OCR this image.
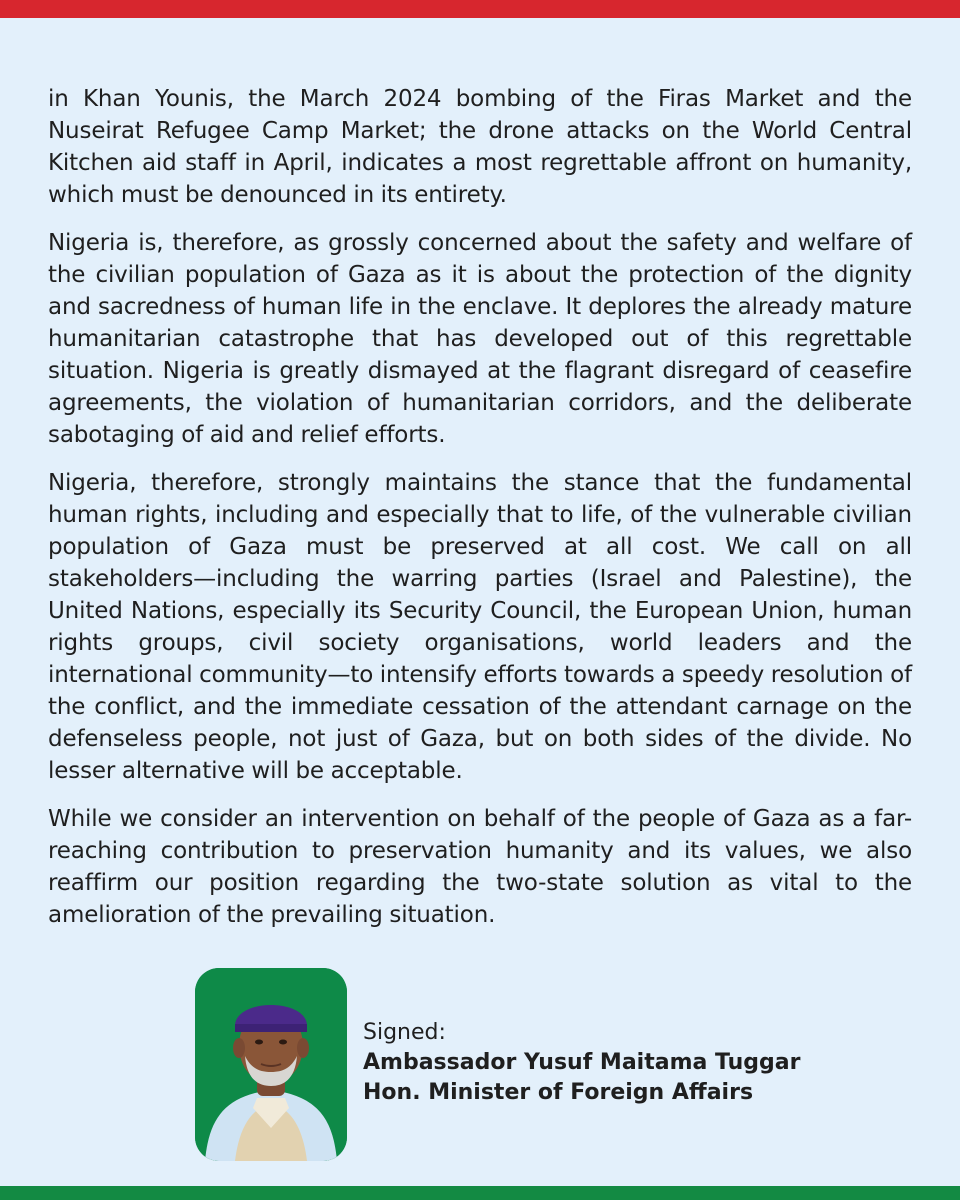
in Khan Younis, the March 2024 bombing of the Firas Market and the Nuseirat Refugee Camp Market; the drone attacks on the World Central Kitchen aid staff in April, indicates a most regrettable affront on humanity, which must be denounced in its entirety.

Nigeria is, therefore, as grossly concerned about the safety and welfare of the civilian population of Gaza as it is about the protection of the dignity and sacredness of human life in the enclave. It deplores the already mature humanitarian catastrophe that has developed out of this regrettable situation. Nigeria is greatly dismayed at the flagrant disregard of ceasefire agreements, the violation of humanitarian corridors, and the deliberate sabotaging of aid and relief efforts.

Nigeria, therefore, strongly maintains the stance that the fundamental human rights, including and especially that to life, of the vulnerable civilian population of Gaza must be preserved at all cost. We call on all stakeholders—including the warring parties (Israel and Palestine), the United Nations, especially its Security Council, the European Union, human rights groups, civil society organisations, world leaders and the international community—to intensify efforts towards a speedy resolution of the conflict, and the immediate cessation of the attendant carnage on the defenseless people, not just of Gaza, but on both sides of the divide. No lesser alternative will be acceptable.

While we consider an intervention on behalf of the people of Gaza as a far-reaching contribution to preservation humanity and its values, we also reaffirm our position regarding the two-state solution as vital to the amelioration of the prevailing situation.

Signed:
Ambassador Yusuf Maitama Tuggar
Hon. Minister of Foreign Affairs
